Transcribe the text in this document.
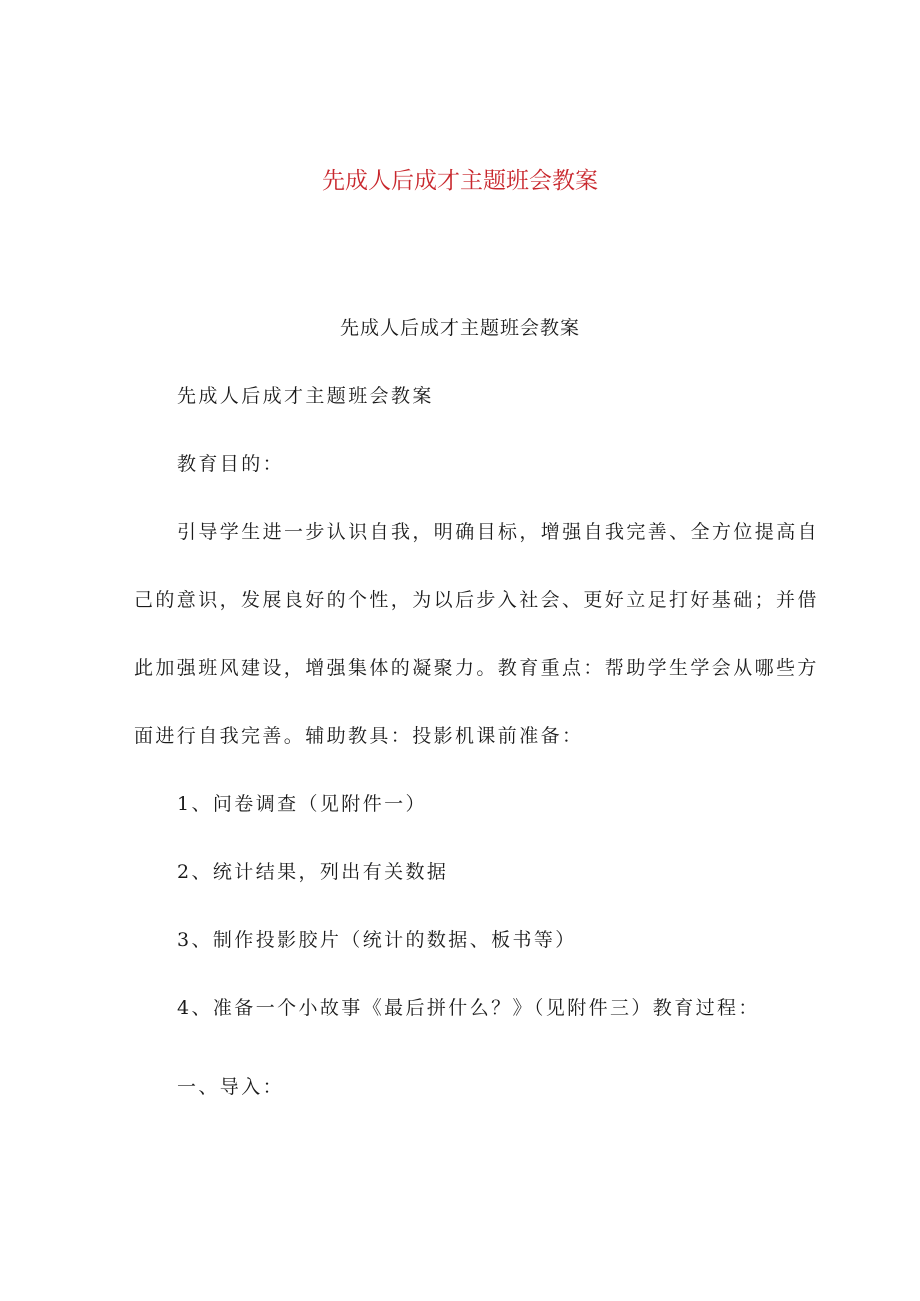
先成人后成才主题班会教案
先成人后成才主题班会教案
先成人后成才主题班会教案
教育目的：
引导学生进一步认识自我，明确目标，增强自我完善、全方位提高自
己的意识，发展良好的个性，为以后步入社会、更好立足打好基础；并借
此加强班风建设，增强集体的凝聚力。教育重点：帮助学生学会从哪些方
面进行自我完善。辅助教具：投影机课前准备：
1、问卷调查（见附件一）
2、统计结果，列出有关数据
3、制作投影胶片（统计的数据、板书等）
4、准备一个小故事《最后拼什么？》（见附件三）教育过程：
一、导入：
